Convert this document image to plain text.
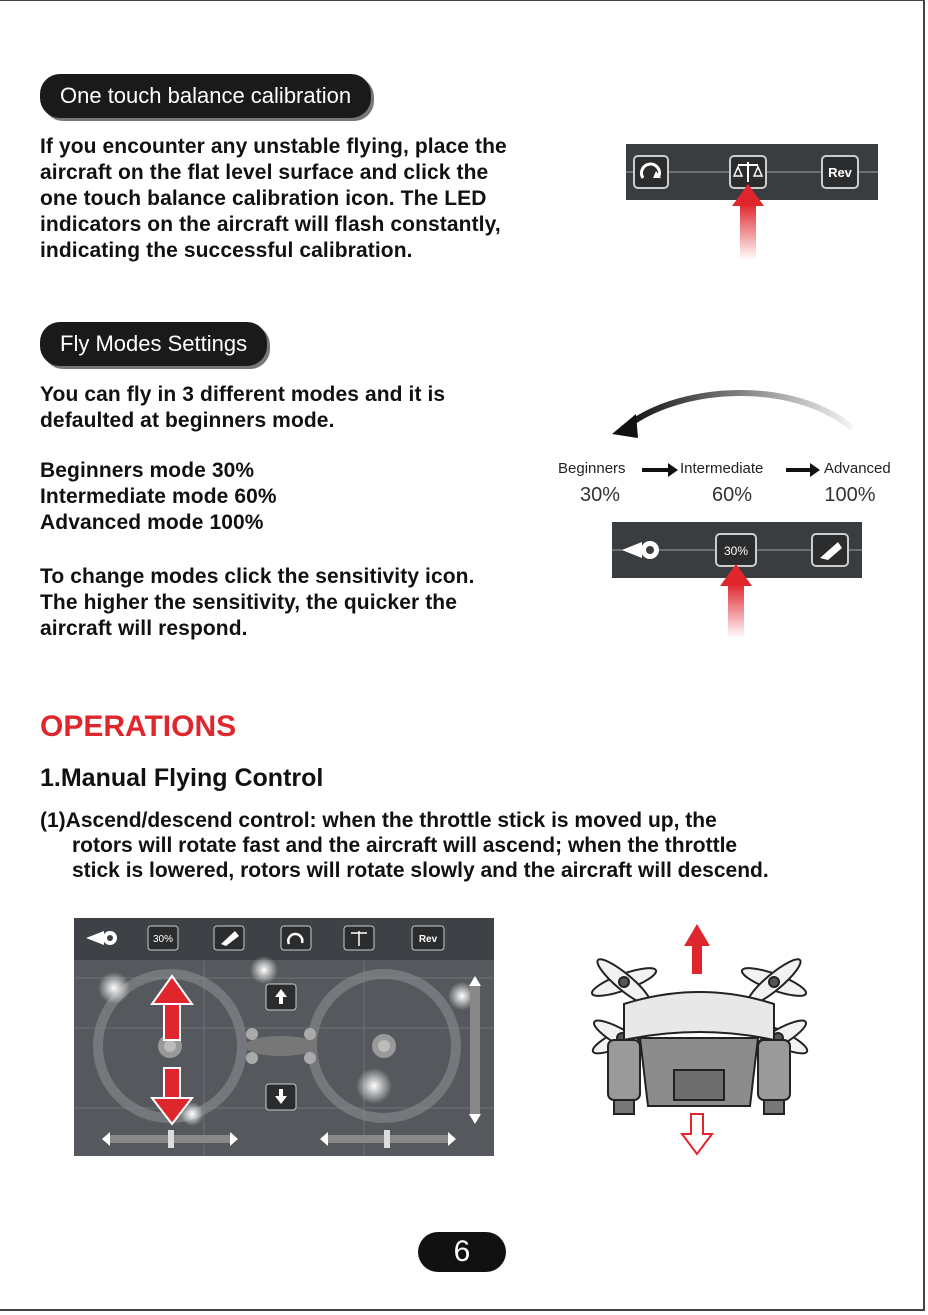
One touch balance calibration
If you encounter any unstable flying, place the
aircraft on the flat level surface and click the
one touch balance calibration icon. The LED
indicators on the aircraft will flash constantly,
indicating the successful calibration.
Rev
Fly Modes Settings
You can fly in 3 different modes and it is
defaulted at beginners mode.
Beginners mode 30%
Intermediate mode 60%
Advanced mode 100%
To change modes click the sensitivity icon.
The higher the sensitivity, the quicker the
aircraft will respond.
Beginners	Intermediate	Advanced
30%	60%	100%
30%
OPERATIONS
1.Manual Flying Control
(1)Ascend/descend control: when the throttle stick is moved up, the
rotors will rotate fast and the aircraft will ascend; when the throttle
stick is lowered, rotors will rotate slowly and the aircraft will descend.
30%	Rev
6
